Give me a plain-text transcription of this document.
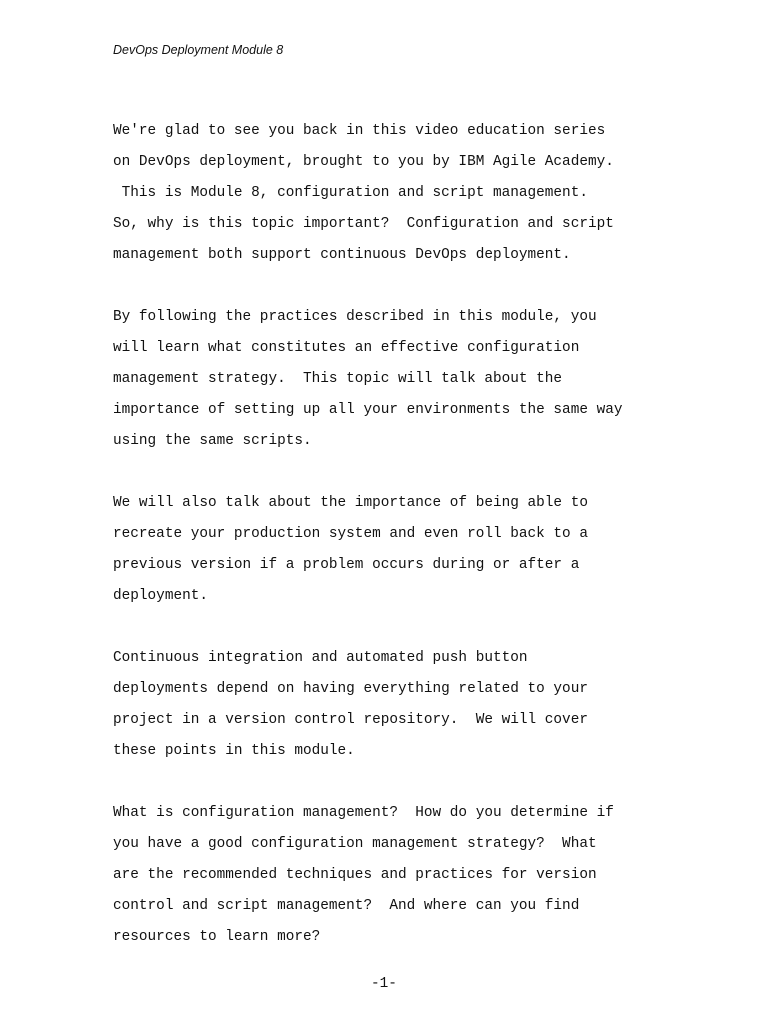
DevOps Deployment Module 8
We're glad to see you back in this video education series
on DevOps deployment, brought to you by IBM Agile Academy.
This is Module 8, configuration and script management.
So, why is this topic important?  Configuration and script
management both support continuous DevOps deployment.
By following the practices described in this module, you
will learn what constitutes an effective configuration
management strategy.  This topic will talk about the
importance of setting up all your environments the same way
using the same scripts.
We will also talk about the importance of being able to
recreate your production system and even roll back to a
previous version if a problem occurs during or after a
deployment.
Continuous integration and automated push button
deployments depend on having everything related to your
project in a version control repository.  We will cover
these points in this module.
What is configuration management?  How do you determine if
you have a good configuration management strategy?  What
are the recommended techniques and practices for version
control and script management?  And where can you find
resources to learn more?
-1-
